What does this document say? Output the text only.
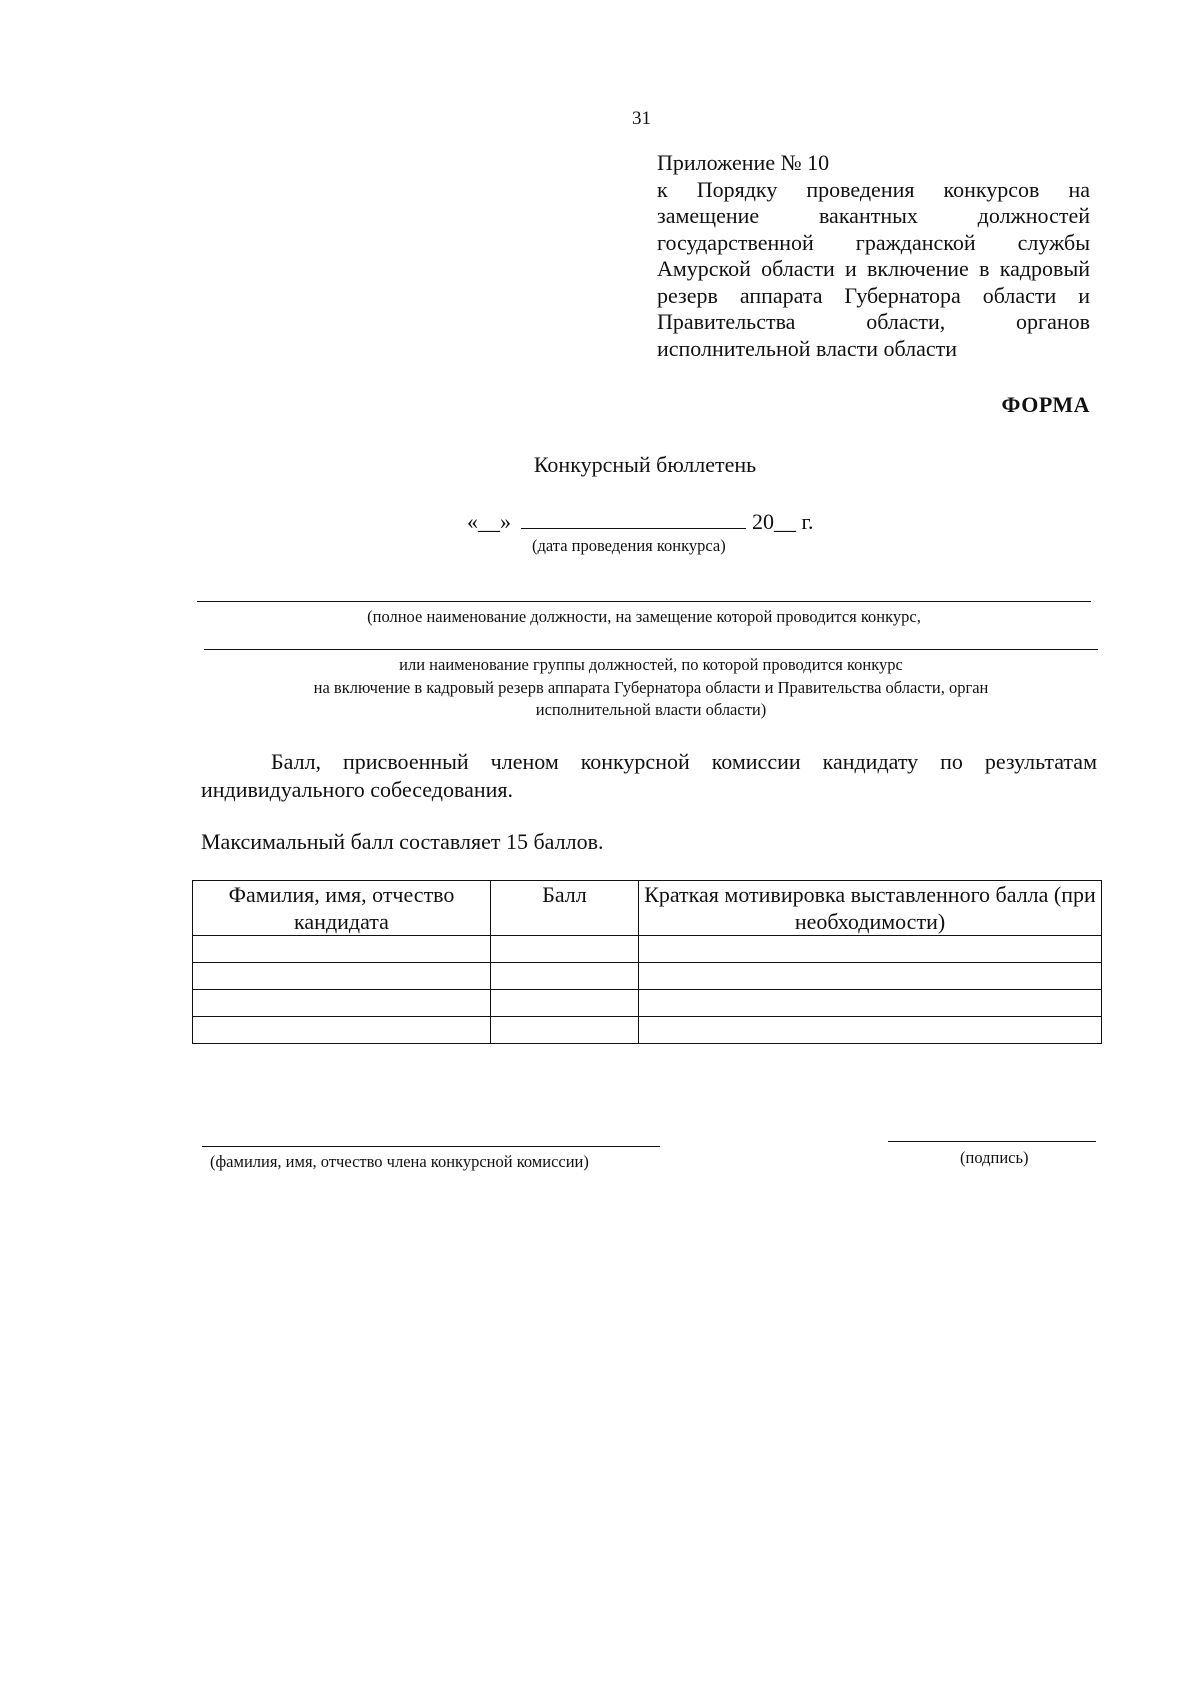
31
Приложение № 10
к Порядку проведения конкурсов на замещение вакантных должностей государственной гражданской службы Амурской области и включение в кадровый резерв аппарата Губернатора области и Правительства области, органов исполнительной власти области
ФОРМА
Конкурсный бюллетень
«__»	20__ г.
(дата проведения конкурса)
(полное наименование должности, на замещение которой проводится конкурс,
или наименование группы должностей, по которой проводится конкурс
на включение в кадровый резерв аппарата Губернатора области и Правительства области, орган
исполнительной власти области)
Балл, присвоенный членом конкурсной комиссии кандидату по результатам индивидуального собеседования.
Максимальный балл составляет 15 баллов.
Фамилия, имя, отчество кандидата	Балл	Краткая мотивировка выставленного балла (при необходимости)

(фамилия, имя, отчество члена конкурсной комиссии)	(подпись)
